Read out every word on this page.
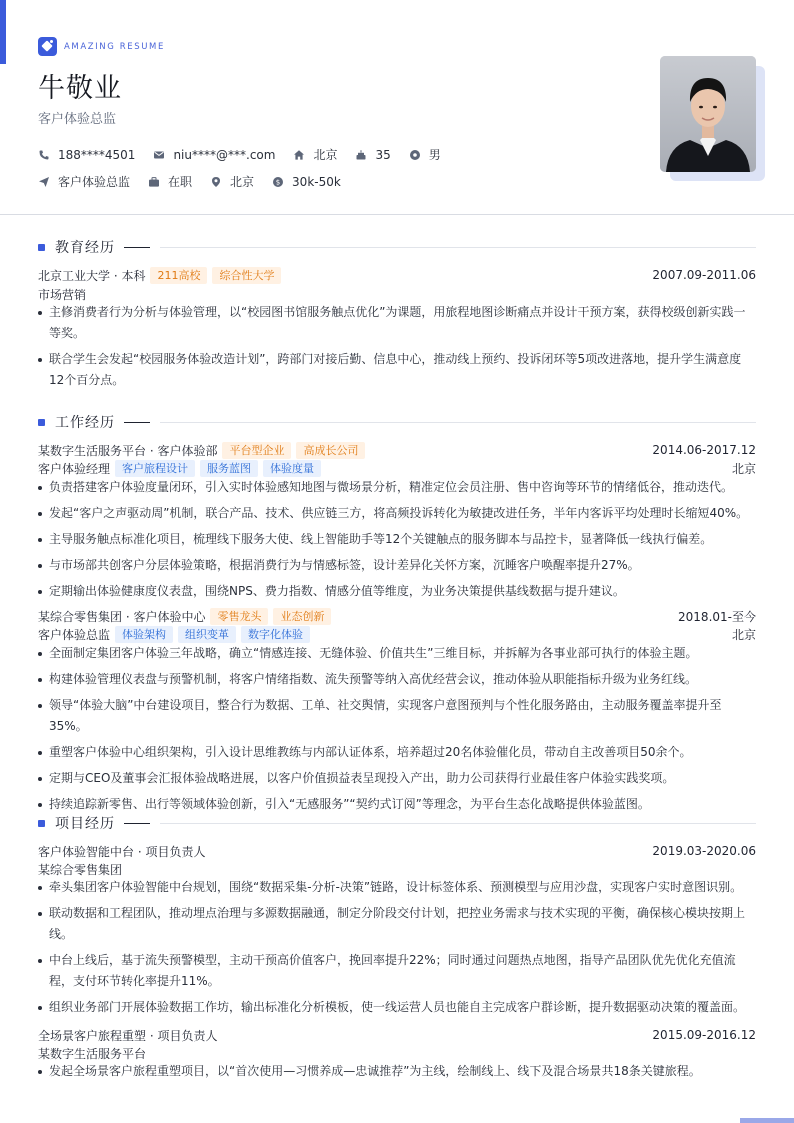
AMAZING RESUME
牛敬业
客户体验总监
188****4501	niu****@***.com	北京	35	男
客户体验总监	在职	北京	$ 30k-50k
教育经历
北京工业大学 · 本科	211高校	综合性大学	2007.09-2011.06
市场营销
主修消费者行为分析与体验管理，以“校园图书馆服务触点优化”为课题，用旅程地图诊断痛点并设计干预方案，获得校级创新实践一等奖。
联合学生会发起“校园服务体验改造计划”，跨部门对接后勤、信息中心，推动线上预约、投诉闭环等5项改进落地，提升学生满意度12个百分点。
工作经历
某数字生活服务平台 · 客户体验部	平台型企业	高成长公司	2014.06-2017.12
客户体验经理	客户旅程设计	服务蓝图	体验度量	北京
负责搭建客户体验度量闭环，引入实时体验感知地图与微场景分析，精准定位会员注册、售中咨询等环节的情绪低谷，推动迭代。
发起“客户之声驱动周”机制，联合产品、技术、供应链三方，将高频投诉转化为敏捷改进任务，半年内客诉平均处理时长缩短40%。
主导服务触点标准化项目，梳理线下服务大使、线上智能助手等12个关键触点的服务脚本与品控卡，显著降低一线执行偏差。
与市场部共创客户分层体验策略，根据消费行为与情感标签，设计差异化关怀方案，沉睡客户唤醒率提升27%。
定期输出体验健康度仪表盘，围绕NPS、费力指数、情感分值等维度，为业务决策提供基线数据与提升建议。
某综合零售集团 · 客户体验中心	零售龙头	业态创新	2018.01-至今
客户体验总监	体验架构	组织变革	数字化体验	北京
全面制定集团客户体验三年战略，确立“情感连接、无缝体验、价值共生”三维目标，并拆解为各事业部可执行的体验主题。
构建体验管理仪表盘与预警机制，将客户情绪指数、流失预警等纳入高优经营会议，推动体验从职能指标升级为业务红线。
领导“体验大脑”中台建设项目，整合行为数据、工单、社交舆情，实现客户意图预判与个性化服务路由，主动服务覆盖率提升至35%。
重塑客户体验中心组织架构，引入设计思维教练与内部认证体系，培养超过20名体验催化员，带动自主改善项目50余个。
定期与CEO及董事会汇报体验战略进展，以客户价值损益表呈现投入产出，助力公司获得行业最佳客户体验实践奖项。
持续追踪新零售、出行等领域体验创新，引入“无感服务”“契约式订阅”等理念，为平台生态化战略提供体验蓝图。
项目经历
客户体验智能中台 · 项目负责人	2019.03-2020.06
某综合零售集团
牵头集团客户体验智能中台规划，围绕“数据采集-分析-决策”链路，设计标签体系、预测模型与应用沙盘，实现客户实时意图识别。
联动数据和工程团队，推动埋点治理与多源数据融通，制定分阶段交付计划，把控业务需求与技术实现的平衡，确保核心模块按期上线。
中台上线后，基于流失预警模型，主动干预高价值客户，挽回率提升22%；同时通过问题热点地图，指导产品团队优先优化充值流程，支付环节转化率提升11%。
组织业务部门开展体验数据工作坊，输出标准化分析模板，使一线运营人员也能自主完成客户群诊断，提升数据驱动决策的覆盖面。
全场景客户旅程重塑 · 项目负责人	2015.09-2016.12
某数字生活服务平台
发起全场景客户旅程重塑项目，以“首次使用—习惯养成—忠诚推荐”为主线，绘制线上、线下及混合场景共18条关键旅程。
